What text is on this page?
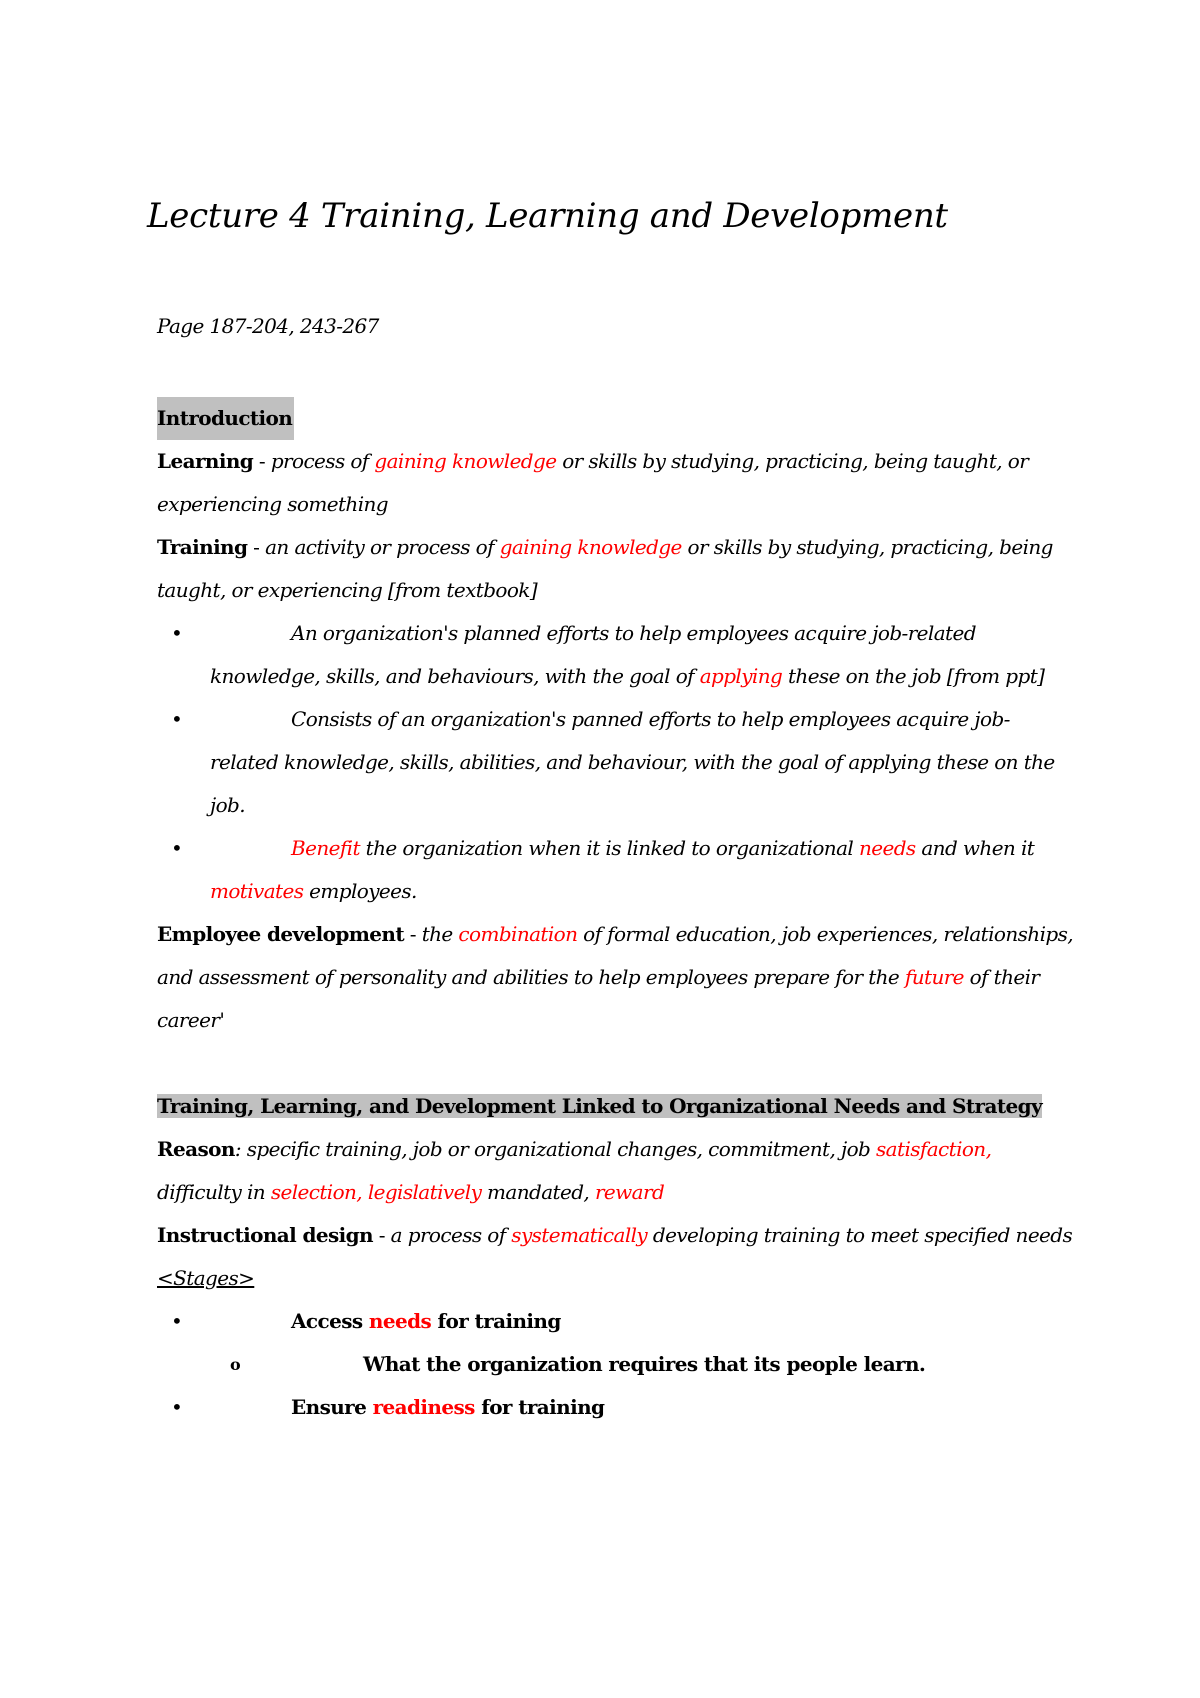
Lecture 4 Training, Learning and Development

Page 187-204, 243-267

Introduction

Learning - process of gaining knowledge or skills by studying, practicing, being taught, or experiencing something

Training - an activity or process of gaining knowledge or skills by studying, practicing, being taught, or experiencing [from textbook]

•	An organization's planned efforts to help employees acquire job-related knowledge, skills, and behaviours, with the goal of applying these on the job [from ppt]
•	Consists of an organization's panned efforts to help employees acquire job-related knowledge, skills, abilities, and behaviour, with the goal of applying these on the job.
•	Benefit the organization when it is linked to organizational needs and when it motivates employees.

Employee development - the combination of formal education, job experiences, relationships, and assessment of personality and abilities to help employees prepare for the future of their career'

Training, Learning, and Development Linked to Organizational Needs and Strategy

Reason: specific training, job or organizational changes, commitment, job satisfaction, difficulty in selection, legislatively mandated, reward

Instructional design - a process of systematically developing training to meet specified needs

<Stages>

•	Access needs for training
o	What the organization requires that its people learn.
•	Ensure readiness for training
